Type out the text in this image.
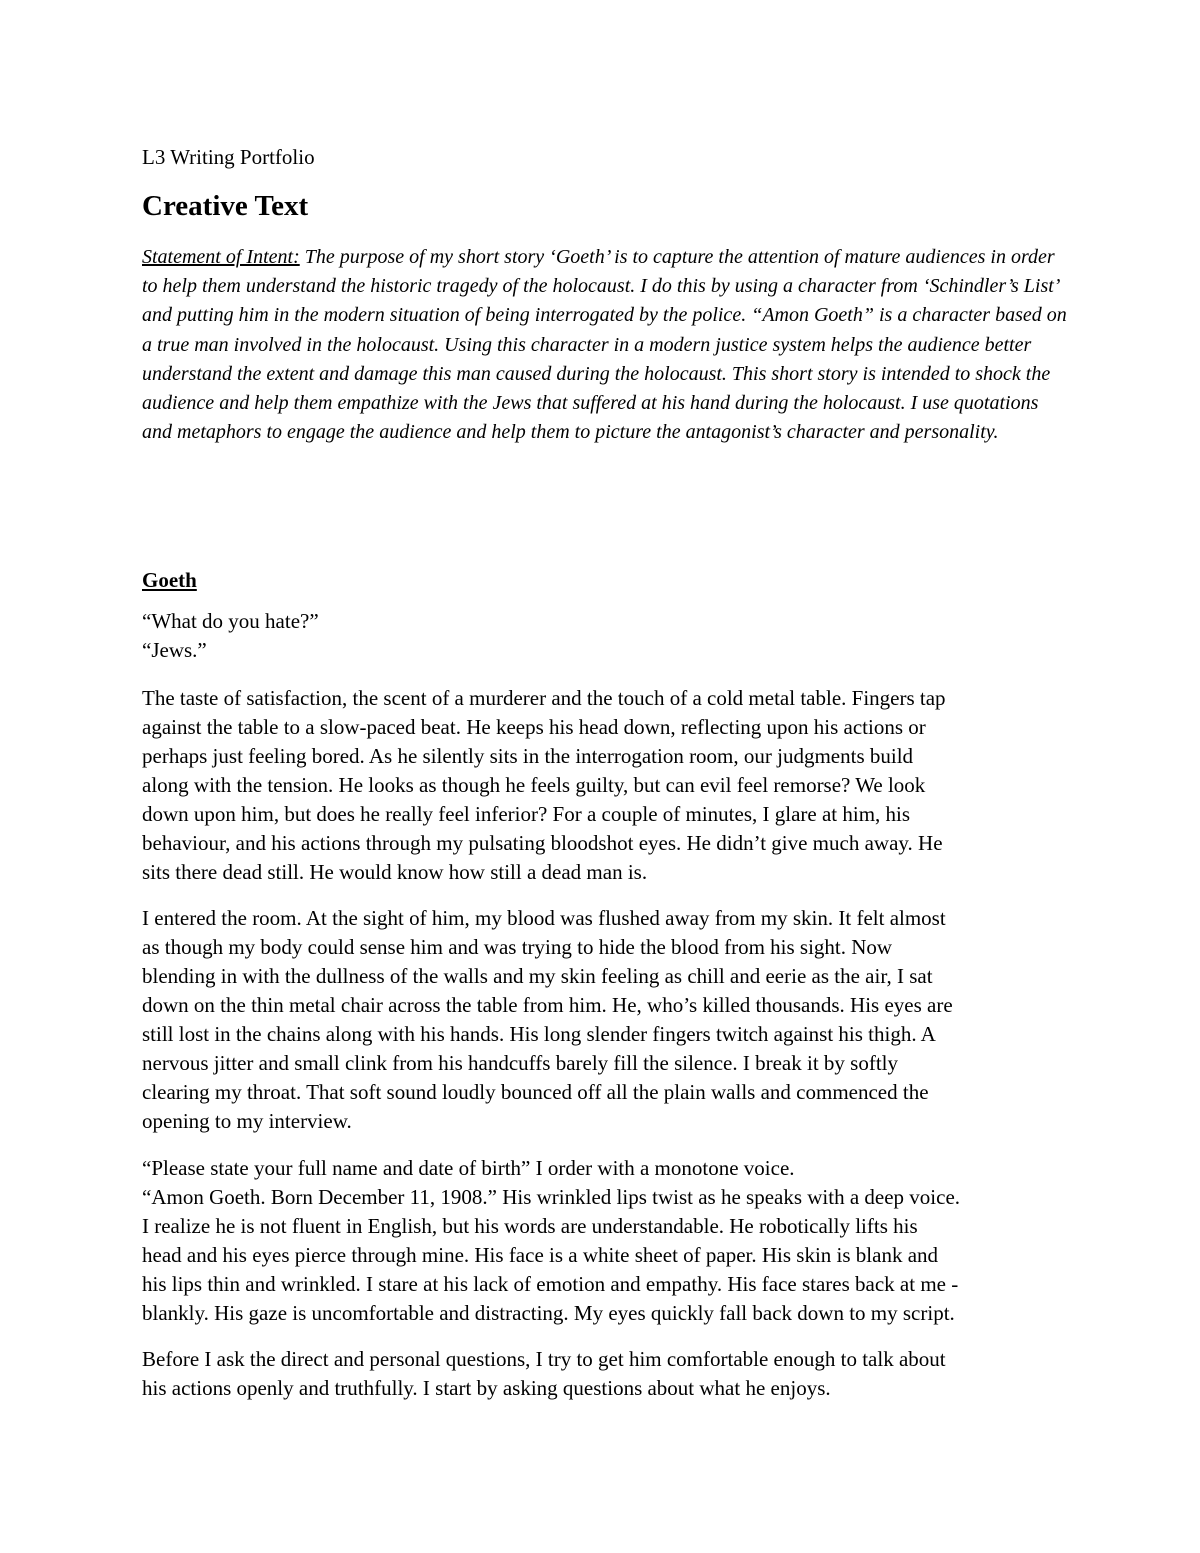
L3 Writing Portfolio
Creative Text
Statement of Intent: The purpose of my short story ‘Goeth’ is to capture the attention of mature audiences in order to help them understand the historic tragedy of the holocaust. I do this by using a character from ‘Schindler’s List’ and putting him in the modern situation of being interrogated by the police. “Amon Goeth” is a character based on a true man involved in the holocaust. Using this character in a modern justice system helps the audience better understand the extent and damage this man caused during the holocaust. This short story is intended to shock the audience and help them empathize with the Jews that suffered at his hand during the holocaust. I use quotations and metaphors to engage the audience and help them to picture the antagonist’s character and personality.
Goeth
“What do you hate?”
“Jews.”
The taste of satisfaction, the scent of a murderer and the touch of a cold metal table. Fingers tap
against the table to a slow-paced beat. He keeps his head down, reflecting upon his actions or
perhaps just feeling bored. As he silently sits in the interrogation room, our judgments build
along with the tension. He looks as though he feels guilty, but can evil feel remorse? We look
down upon him, but does he really feel inferior? For a couple of minutes, I glare at him, his
behaviour, and his actions through my pulsating bloodshot eyes. He didn’t give much away. He
sits there dead still. He would know how still a dead man is.
I entered the room. At the sight of him, my blood was flushed away from my skin. It felt almost
as though my body could sense him and was trying to hide the blood from his sight. Now
blending in with the dullness of the walls and my skin feeling as chill and eerie as the air, I sat
down on the thin metal chair across the table from him. He, who’s killed thousands. His eyes are
still lost in the chains along with his hands. His long slender fingers twitch against his thigh. A
nervous jitter and small clink from his handcuffs barely fill the silence. I break it by softly
clearing my throat. That soft sound loudly bounced off all the plain walls and commenced the
opening to my interview.
“Please state your full name and date of birth” I order with a monotone voice.
“Amon Goeth. Born December 11, 1908.” His wrinkled lips twist as he speaks with a deep voice.
I realize he is not fluent in English, but his words are understandable. He robotically lifts his
head and his eyes pierce through mine. His face is a white sheet of paper. His skin is blank and
his lips thin and wrinkled. I stare at his lack of emotion and empathy. His face stares back at me -
blankly. His gaze is uncomfortable and distracting. My eyes quickly fall back down to my script.
Before I ask the direct and personal questions, I try to get him comfortable enough to talk about
his actions openly and truthfully. I start by asking questions about what he enjoys.
